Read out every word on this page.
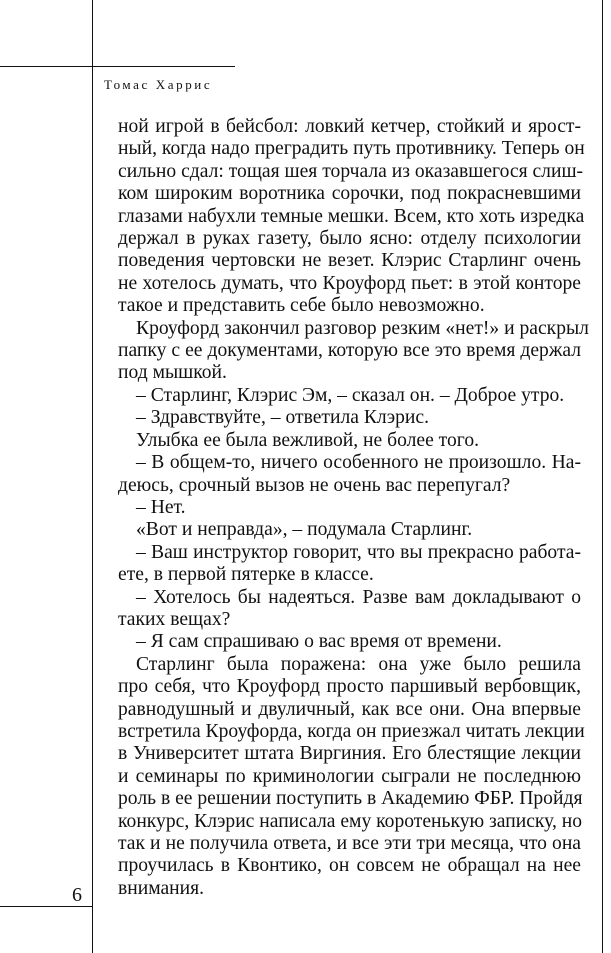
Томас Харрис
ной игрой в бейсбол: ловкий кетчер, стойкий и ярост-
ный, когда надо преградить путь противнику. Теперь он
сильно сдал: тощая шея торчала из оказавшегося слиш-
ком широким воротника сорочки, под покрасневшими
глазами набухли темные мешки. Всем, кто хоть изредка
держал в руках газету, было ясно: отделу психологии
поведения чертовски не везет. Клэрис Старлинг очень
не хотелось думать, что Кроуфорд пьет: в этой конторе
такое и представить себе было невозможно.
Кроуфорд закончил разговор резким «нет!» и раскрыл
папку с ее документами, которую все это время держал
под мышкой.
– Старлинг, Клэрис Эм, – сказал он. – Доброе утро.
– Здравствуйте, – ответила Клэрис.
Улыбка ее была вежливой, не более того.
– В общем-то, ничего особенного не произошло. На-
деюсь, срочный вызов не очень вас перепугал?
– Нет.
«Вот и неправда», – подумала Старлинг.
– Ваш инструктор говорит, что вы прекрасно работа-
ете, в первой пятерке в классе.
– Хотелось бы надеяться. Разве вам докладывают о
таких вещах?
– Я сам спрашиваю о вас время от времени.
Старлинг была поражена: она уже было решила
про себя, что Кроуфорд просто паршивый вербовщик,
равнодушный и двуличный, как все они. Она впервые
встретила Кроуфорда, когда он приезжал читать лекции
в Университет штата Виргиния. Его блестящие лекции
и семинары по криминологии сыграли не последнюю
роль в ее решении поступить в Академию ФБР. Пройдя
конкурс, Клэрис написала ему коротенькую записку, но
так и не получила ответа, и все эти три месяца, что она
проучилась в Квонтико, он совсем не обращал на нее
внимания.
6
